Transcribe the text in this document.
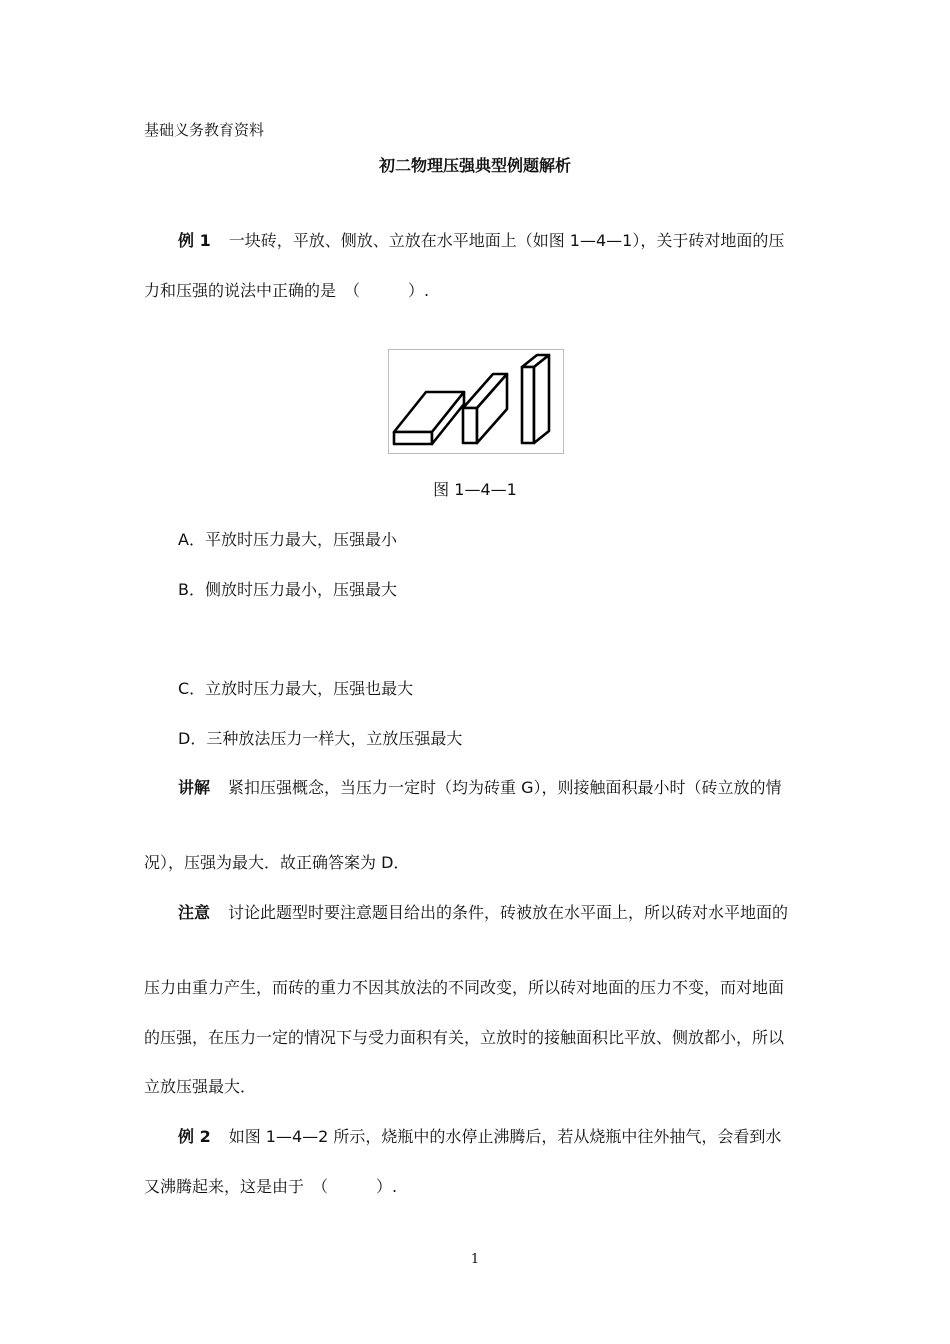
基础义务教育资料
初二物理压强典型例题解析
例 1 一块砖，平放、侧放、立放在水平地面上（如图 1—4—1），关于砖对地面的压
力和压强的说法中正确的是　（　　　）.
图 1—4—1
A．平放时压力最大，压强最小
B．侧放时压力最小，压强最大
C．立放时压力最大，压强也最大
D．三种放法压力一样大，立放压强最大
讲解 紧扣压强概念，当压力一定时（均为砖重 G），则接触面积最小时（砖立放的情
况），压强为最大．故正确答案为 D．
注意 讨论此题型时要注意题目给出的条件，砖被放在水平面上，所以砖对水平地面的
压力由重力产生，而砖的重力不因其放法的不同改变，所以砖对地面的压力不变，而对地面
的压强，在压力一定的情况下与受力面积有关，立放时的接触面积比平放、侧放都小，所以
立放压强最大．
例 2 如图 1—4—2 所示，烧瓶中的水停止沸腾后，若从烧瓶中往外抽气，会看到水
又沸腾起来，这是由于　（　　　）.
1
